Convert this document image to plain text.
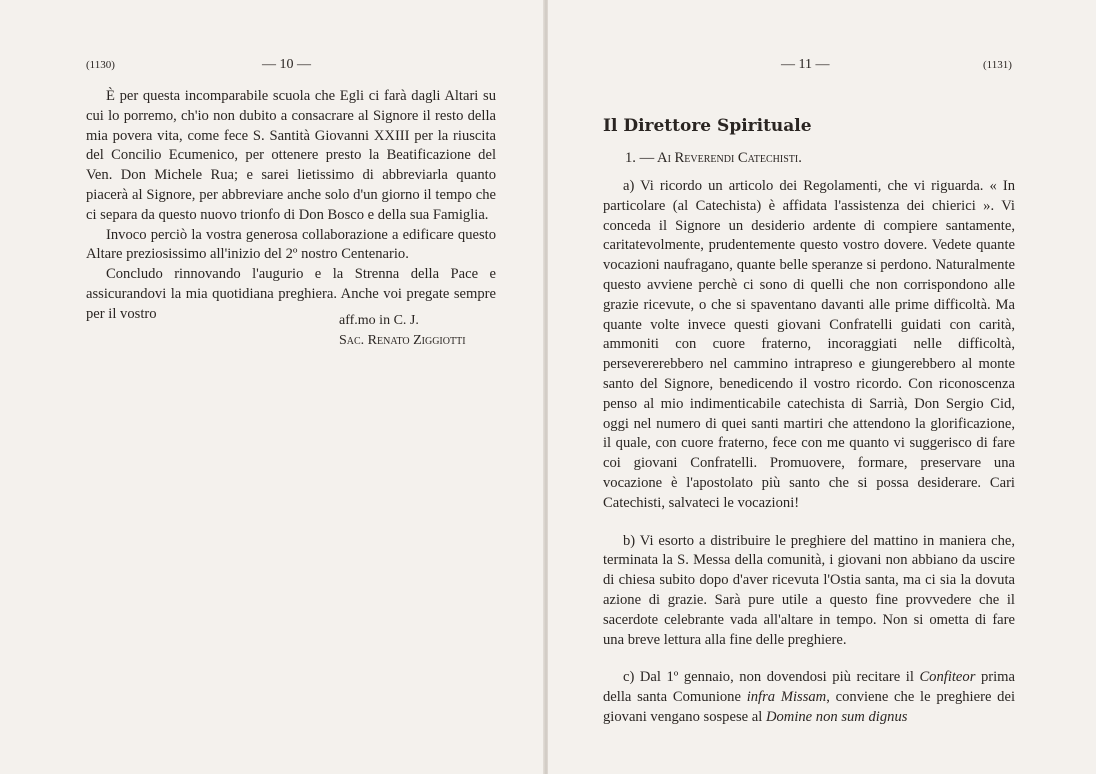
(1130)	— 10 —

È per questa incomparabile scuola che Egli ci farà dagli Altari su cui lo porremo, ch'io non dubito a consacrare al Signore il resto della mia povera vita, come fece S. Santità Giovanni XXIII per la riuscita del Concilio Ecumenico, per ottenere presto la Beatificazione del Ven. Don Michele Rua; e sarei lietissimo di abbreviarla quanto piacerà al Signore, per abbreviare anche solo d'un giorno il tempo che ci separa da questo nuovo trionfo di Don Bosco e della sua Famiglia.

Invoco perciò la vostra generosa collaborazione a edificare questo Altare preziosissimo all'inizio del 2º nostro Centenario.

Concludo rinnovando l'augurio e la Strenna della Pace e assicurandovi la mia quotidiana preghiera. Anche voi pregate sempre per il vostro	aff.mo in C. J.
Sac. Renato Ziggiotti
— 11 —	(1131)
Il Direttore Spirituale
1. — Ai Reverendi Catechisti.

a) Vi ricordo un articolo dei Regolamenti, che vi riguarda. « In particolare (al Catechista) è affidata l'assistenza dei chierici ». Vi conceda il Signore un desiderio ardente di compiere santamente, caritatevolmente, prudentemente questo vostro dovere. Vedete quante vocazioni naufragano, quante belle speranze si perdono. Naturalmente questo avviene perchè ci sono di quelli che non corrispondono alle grazie ricevute, o che si spaventano davanti alle prime difficoltà. Ma quante volte invece questi giovani Confratelli guidati con carità, ammoniti con cuore fraterno, incoraggiati nelle difficoltà, persevererebbero nel cammino intrapreso e giungerebbero al monte santo del Signore, benedicendo il vostro ricordo. Con riconoscenza penso al mio indimenticabile catechista di Sarrià, Don Sergio Cid, oggi nel numero di quei santi martiri che attendono la glorificazione, il quale, con cuore fraterno, fece con me quanto vi suggerisco di fare coi giovani Confratelli. Promuovere, formare, preservare una vocazione è l'apostolato più santo che si possa desiderare. Cari Catechisti, salvateci le vocazioni!

b) Vi esorto a distribuire le preghiere del mattino in maniera che, terminata la S. Messa della comunità, i giovani non abbiano da uscire di chiesa subito dopo d'aver ricevuta l'Ostia santa, ma ci sia la dovuta azione di grazie. Sarà pure utile a questo fine provvedere che il sacerdote celebrante vada all'altare in tempo. Non si ometta di fare una breve lettura alla fine delle preghiere.

c) Dal 1º gennaio, non dovendosi più recitare il Confiteor prima della santa Comunione infra Missam, conviene che le preghiere dei giovani vengano sospese al Domine non sum dignus
